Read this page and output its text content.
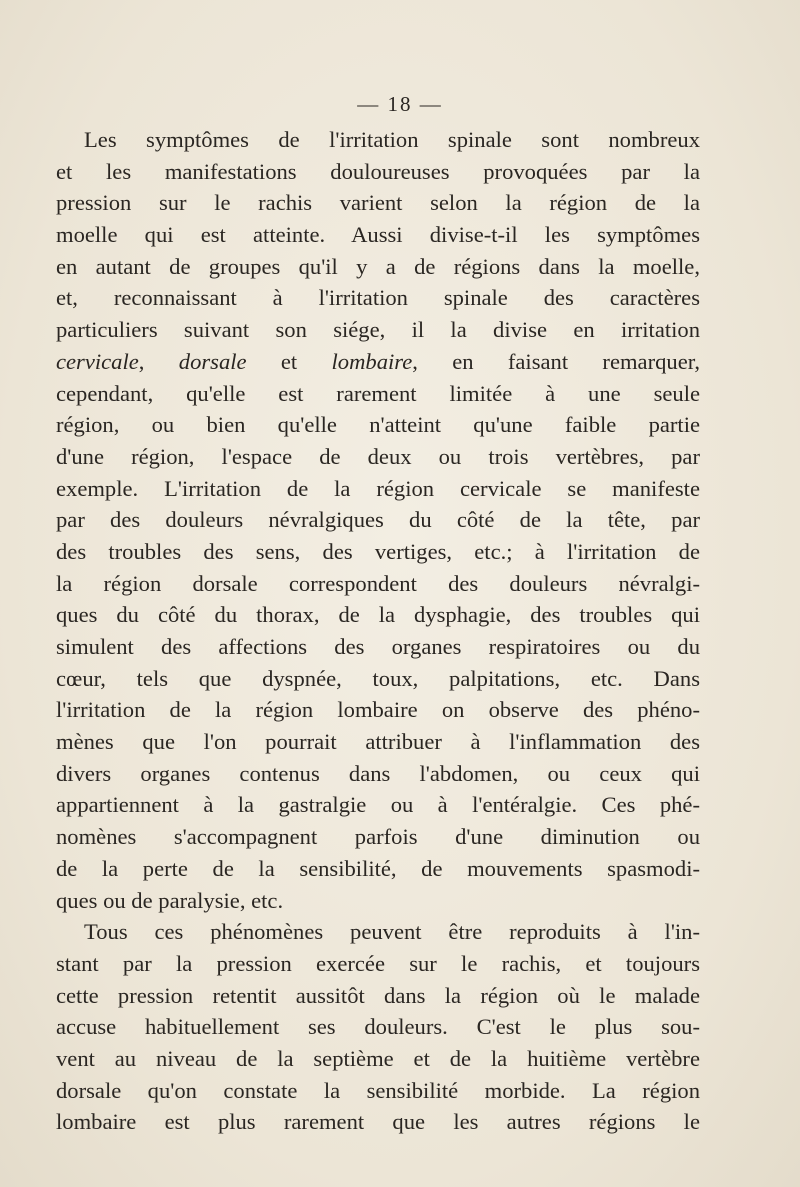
— 18 —
Les symptômes de l'irritation spinale sont nombreux
et les manifestations douloureuses provoquées par la
pression sur le rachis varient selon la région de la
moelle qui est atteinte. Aussi divise-t-il les symptômes
en autant de groupes qu'il y a de régions dans la moelle,
et, reconnaissant à l'irritation spinale des caractères
particuliers suivant son siége, il la divise en irritation
cervicale, dorsale et lombaire, en faisant remarquer,
cependant, qu'elle est rarement limitée à une seule
région, ou bien qu'elle n'atteint qu'une faible partie
d'une région, l'espace de deux ou trois vertèbres, par
exemple. L'irritation de la région cervicale se manifeste
par des douleurs névralgiques du côté de la tête, par
des troubles des sens, des vertiges, etc.; à l'irritation de
la région dorsale correspondent des douleurs névralgi-
ques du côté du thorax, de la dysphagie, des troubles qui
simulent des affections des organes respiratoires ou du
cœur, tels que dyspnée, toux, palpitations, etc. Dans
l'irritation de la région lombaire on observe des phéno-
mènes que l'on pourrait attribuer à l'inflammation des
divers organes contenus dans l'abdomen, ou ceux qui
appartiennent à la gastralgie ou à l'entéralgie. Ces phé-
nomènes s'accompagnent parfois d'une diminution ou
de la perte de la sensibilité, de mouvements spasmodi-
ques ou de paralysie, etc.
Tous ces phénomènes peuvent être reproduits à l'in-
stant par la pression exercée sur le rachis, et toujours
cette pression retentit aussitôt dans la région où le malade
accuse habituellement ses douleurs. C'est le plus sou-
vent au niveau de la septième et de la huitième vertèbre
dorsale qu'on constate la sensibilité morbide. La région
lombaire est plus rarement que les autres régions le
